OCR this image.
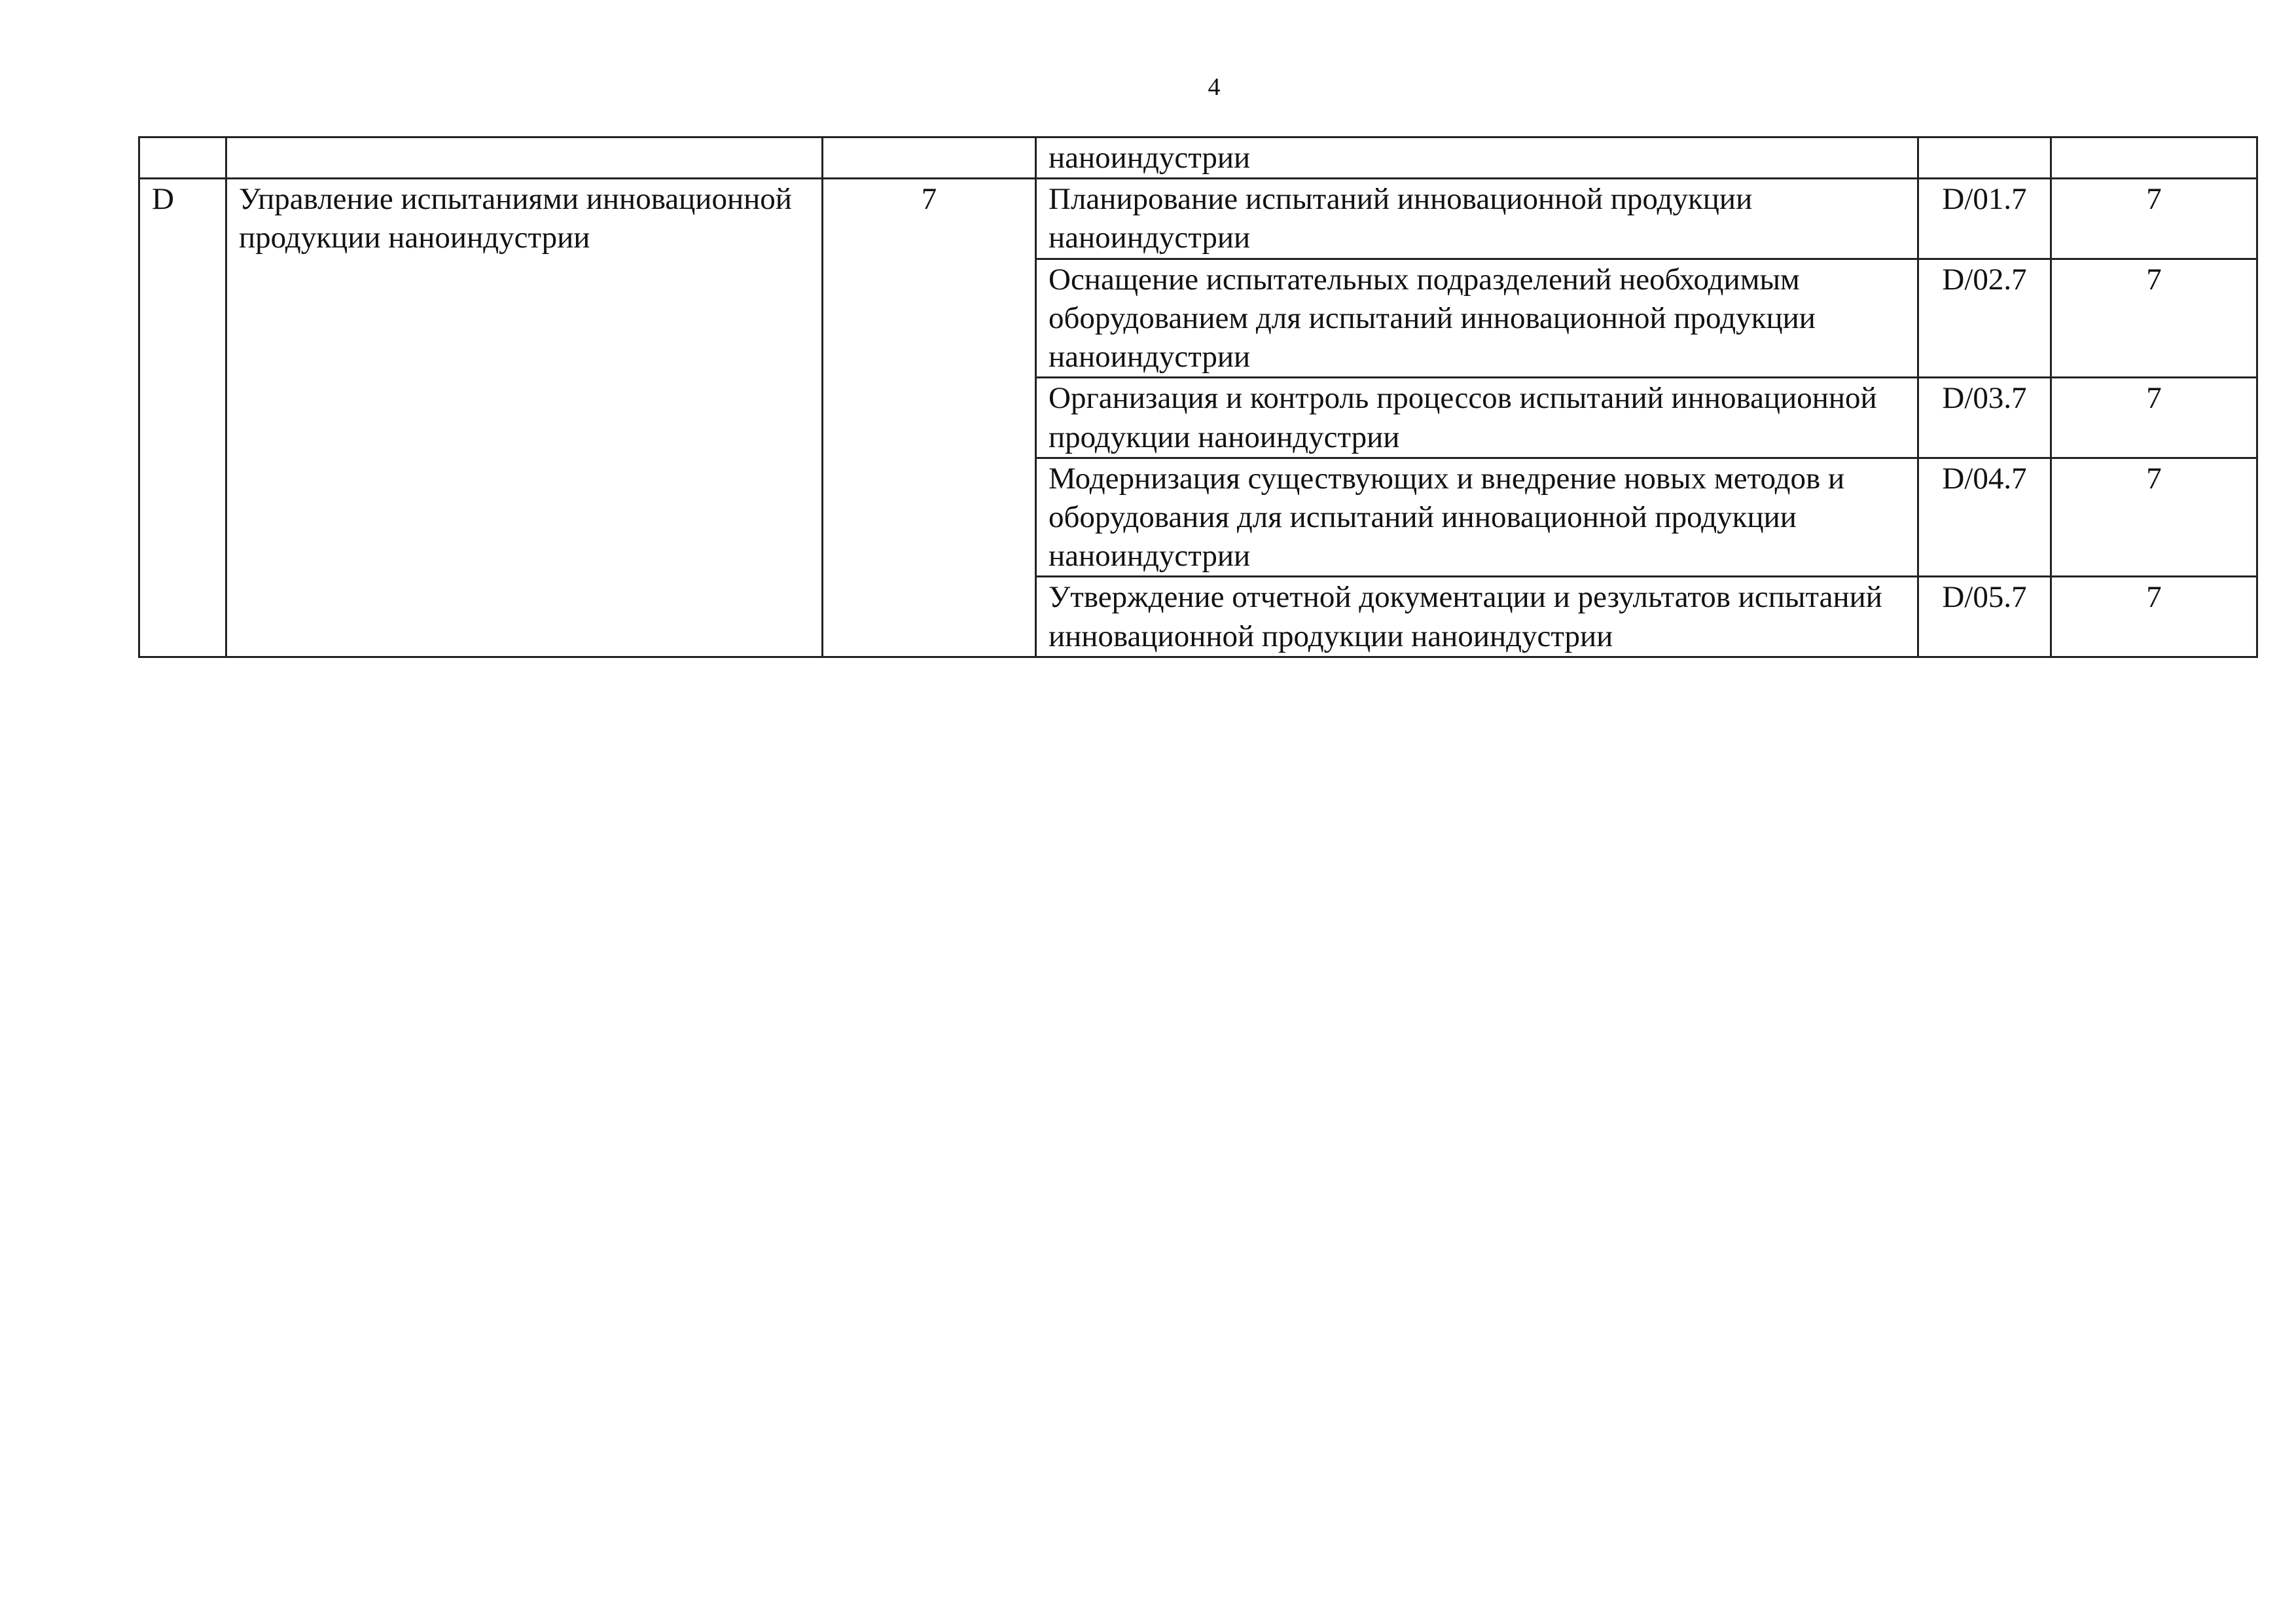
4
			наноиндустрии		
D	Управление испытаниями инновационной продукции наноиндустрии	7	Планирование испытаний инновационной продукции наноиндустрии	D/01.7	7
			Оснащение испытательных подразделений необходимым оборудованием для испытаний инновационной продукции наноиндустрии	D/02.7	7
			Организация и контроль процессов испытаний инновационной продукции наноиндустрии	D/03.7	7
			Модернизация существующих и внедрение новых методов и оборудования для испытаний инновационной продукции наноиндустрии	D/04.7	7
			Утверждение отчетной документации и результатов испытаний инновационной продукции наноиндустрии	D/05.7	7
